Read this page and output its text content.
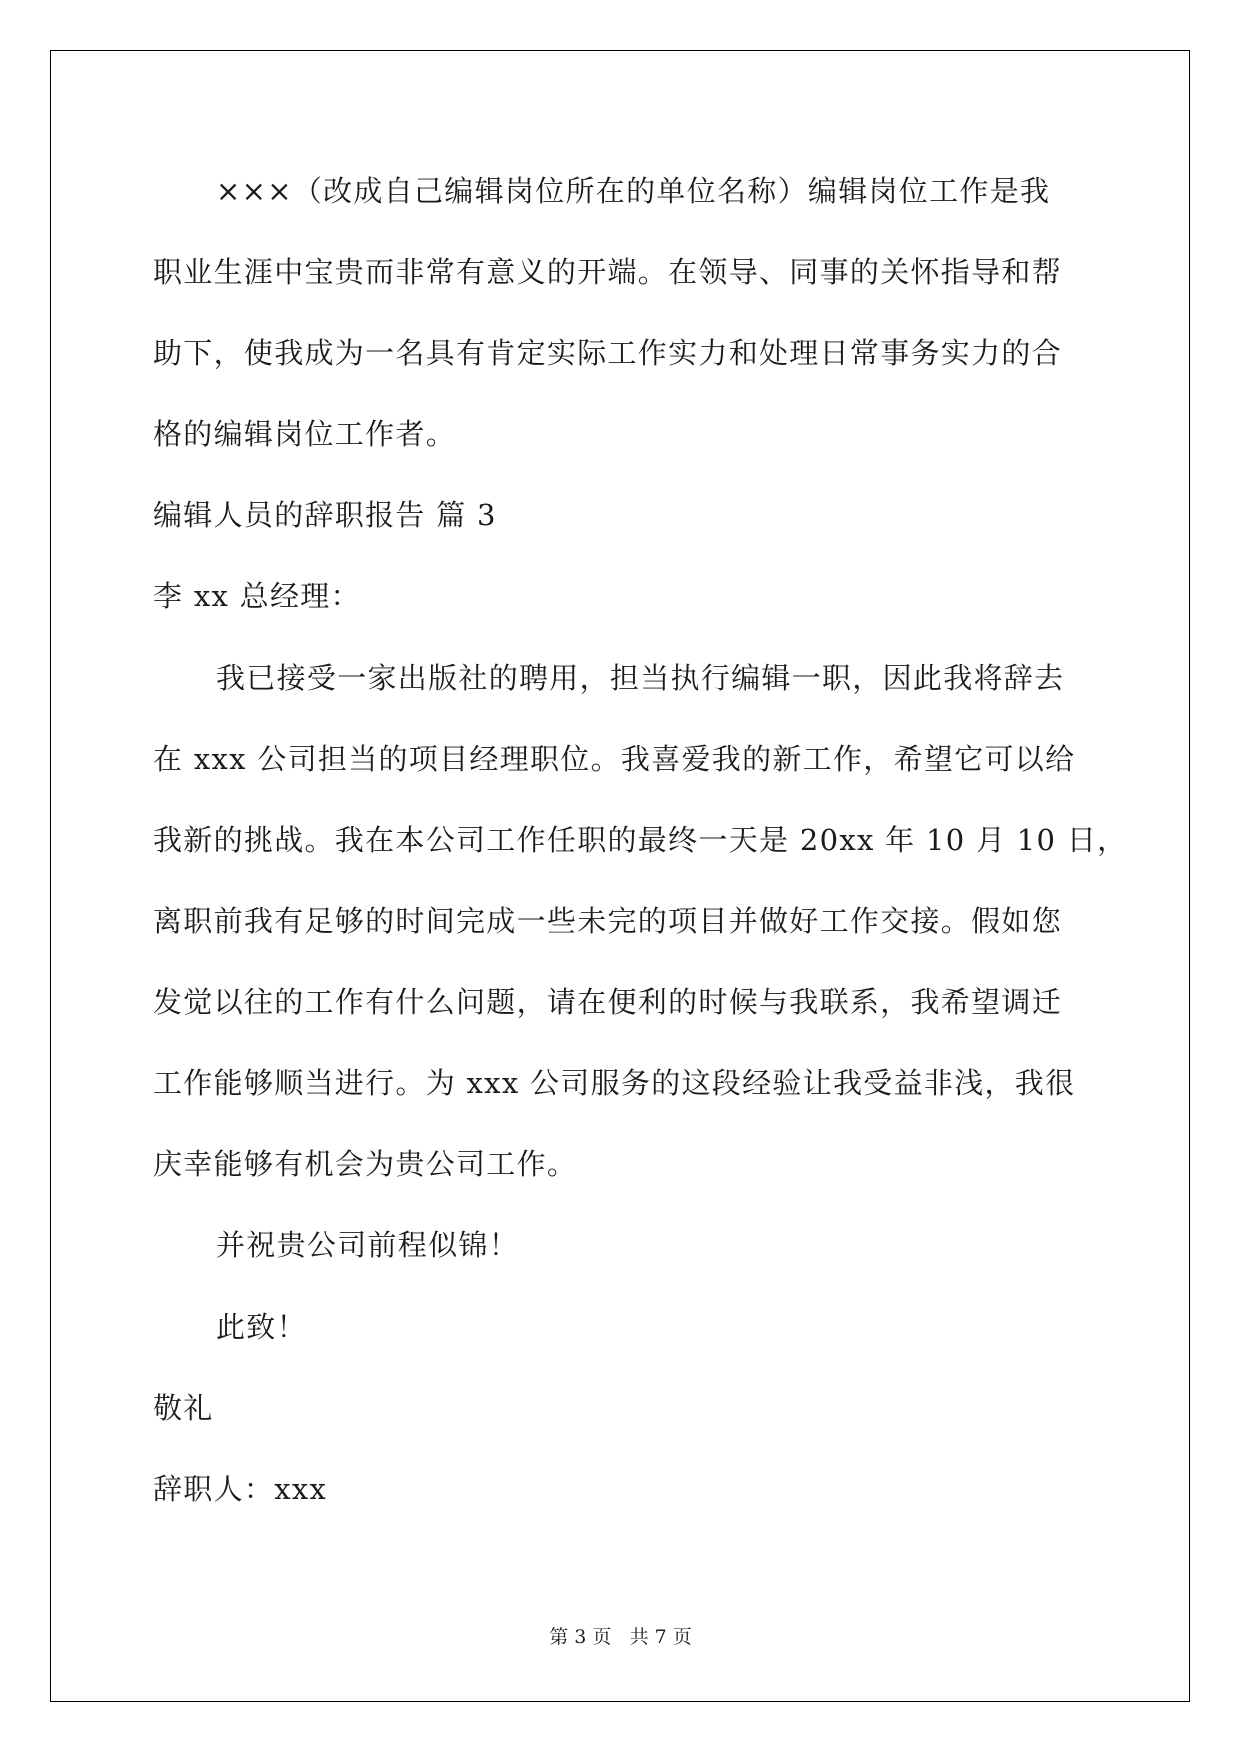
×××（改成自己编辑岗位所在的单位名称）编辑岗位工作是我
职业生涯中宝贵而非常有意义的开端。在领导、同事的关怀指导和帮
助下，使我成为一名具有肯定实际工作实力和处理日常事务实力的合
格的编辑岗位工作者。
编辑人员的辞职报告 篇 3
李 xx 总经理：
我已接受一家出版社的聘用，担当执行编辑一职，因此我将辞去
在 xxx 公司担当的项目经理职位。我喜爱我的新工作，希望它可以给
我新的挑战。我在本公司工作任职的最终一天是 20xx 年 10 月 10 日，
离职前我有足够的时间完成一些未完的项目并做好工作交接。假如您
发觉以往的工作有什么问题，请在便利的时候与我联系，我希望调迁
工作能够顺当进行。为 xxx 公司服务的这段经验让我受益非浅，我很
庆幸能够有机会为贵公司工作。
并祝贵公司前程似锦！
此致！
敬礼
辞职人：xxx
第 3 页 共 7 页
